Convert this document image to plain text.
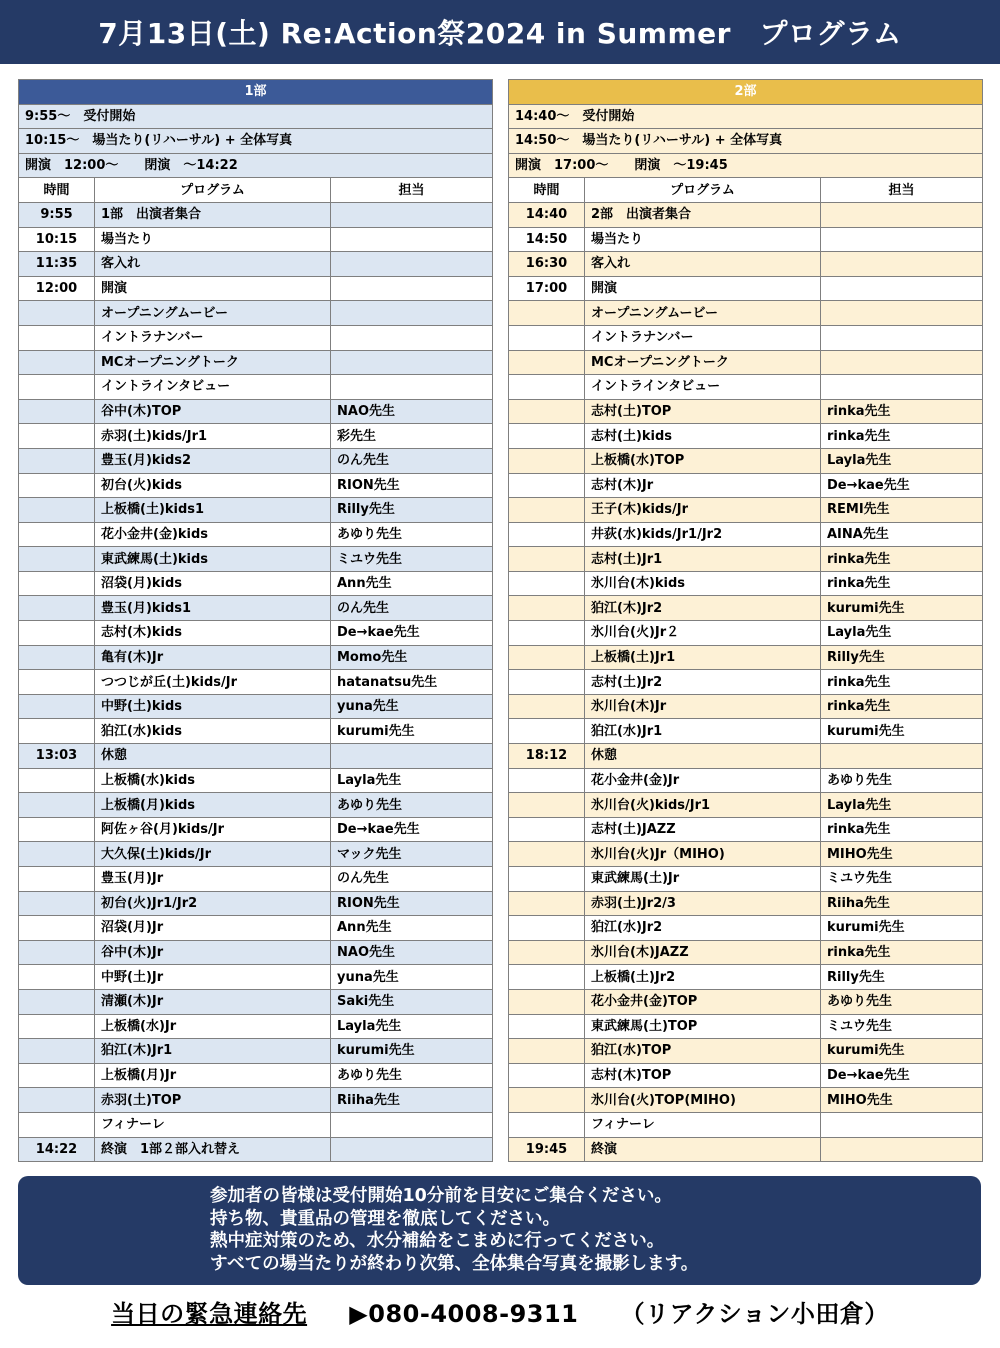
7月13日(土) Re:Action祭2024 in Summer　プログラム
1部		
9:55～　受付開始		
10:15～　場当たり(リハーサル) + 全体写真		
開演　12:00～　　閉演　～14:22		
時間	プログラム	担当
9:55	1部　出演者集合	
10:15	場当たり	
11:35	客入れ	
12:00	開演	
	オープニングムービー	
	イントラナンバー	
	MCオープニングトーク	
	イントラインタビュー	
	谷中(木)TOP	NAO先生
	赤羽(土)kids/Jr1	彩先生
	豊玉(月)kids2	のん先生
	初台(火)kids	RION先生
	上板橋(土)kids1	Rilly先生
	花小金井(金)kids	あゆり先生
	東武練馬(土)kids	ミユウ先生
	沼袋(月)kids	Ann先生
	豊玉(月)kids1	のん先生
	志村(木)kids	De→kae先生
	亀有(木)Jr	Momo先生
	つつじが丘(土)kids/Jr	hatanatsu先生
	中野(土)kids	yuna先生
	狛江(水)kids	kurumi先生
13:03	休憩	
	上板橋(水)kids	Layla先生
	上板橋(月)kids	あゆり先生
	阿佐ヶ谷(月)kids/Jr	De→kae先生
	大久保(土)kids/Jr	マック先生
	豊玉(月)Jr	のん先生
	初台(火)Jr1/Jr2	RION先生
	沼袋(月)Jr	Ann先生
	谷中(木)Jr	NAO先生
	中野(土)Jr	yuna先生
	清瀬(木)Jr	Saki先生
	上板橋(水)Jr	Layla先生
	狛江(木)Jr1	kurumi先生
	上板橋(月)Jr	あゆり先生
	赤羽(土)TOP	Riiha先生
	フィナーレ	
14:22	終演　1部２部入れ替え	
2部		
14:40～　受付開始		
14:50～　場当たり(リハーサル) + 全体写真		
開演　17:00～　　閉演　～19:45		
時間	プログラム	担当
14:40	2部　出演者集合	
14:50	場当たり	
16:30	客入れ	
17:00	開演	
	オープニングムービー	
	イントラナンバー	
	MCオープニングトーク	
	イントラインタビュー	
	志村(土)TOP	rinka先生
	志村(土)kids	rinka先生
	上板橋(水)TOP	Layla先生
	志村(木)Jr	De→kae先生
	王子(木)kids/Jr	REMI先生
	井荻(水)kids/Jr1/Jr2	AINA先生
	志村(土)Jr1	rinka先生
	氷川台(木)kids	rinka先生
	狛江(木)Jr2	kurumi先生
	氷川台(火)Jr２	Layla先生
	上板橋(土)Jr1	Rilly先生
	志村(土)Jr2	rinka先生
	氷川台(木)Jr	rinka先生
	狛江(水)Jr1	kurumi先生
18:12	休憩	
	花小金井(金)Jr	あゆり先生
	氷川台(火)kids/Jr1	Layla先生
	志村(土)JAZZ	rinka先生
	氷川台(火)Jr（MIHO)	MIHO先生
	東武練馬(土)Jr	ミユウ先生
	赤羽(土)Jr2/3	Riiha先生
	狛江(水)Jr2	kurumi先生
	氷川台(木)JAZZ	rinka先生
	上板橋(土)Jr2	Rilly先生
	花小金井(金)TOP	あゆり先生
	東武練馬(土)TOP	ミユウ先生
	狛江(水)TOP	kurumi先生
	志村(木)TOP	De→kae先生
	氷川台(火)TOP(MIHO)	MIHO先生
	フィナーレ	
19:45	終演	
参加者の皆様は受付開始10分前を目安にご集合ください。
持ち物、貴重品の管理を徹底してください。
熱中症対策のため、水分補給をこまめに行ってください。
すべての場当たりが終わり次第、全体集合写真を撮影します。
当日の緊急連絡先 　 ▶080-4008-9311 　 （リアクション小田倉）
